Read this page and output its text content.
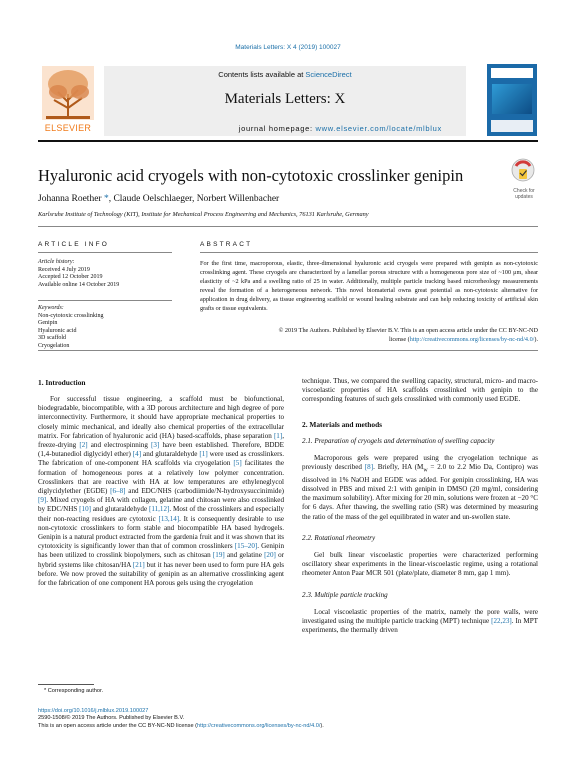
Materials Letters: X 4 (2019) 100027
Contents lists available at ScienceDirect
Materials Letters: X
journal homepage: www.elsevier.com/locate/mlblux
ELSEVIER
Hyaluronic acid cryogels with non-cytotoxic crosslinker genipin
Check for updates
Johanna Roether *, Claude Oelschlaeger, Norbert Willenbacher
Karlsruhe Institute of Technology (KIT), Institute for Mechanical Process Engineering and Mechanics, 76131 Karlsruhe, Germany
ARTICLE INFO
Article history:
Received 4 July 2019
Accepted 12 October 2019
Available online 14 October 2019
Keywords:
Non-cytotoxic crosslinking
Genipin
Hyaluronic acid
3D scaffold
Cryogelation
ABSTRACT
For the first time, macroporous, elastic, three-dimensional hyaluronic acid cryogels were prepared with genipin as non-cytotoxic crosslinking agent. These cryogels are characterized by a lamellar porous structure with a homogeneous pore size of ~100 μm, shear elasticity of ~2 kPa and a swelling ratio of 25 in water. Additionally, multiple particle tracking based microrheology measurements reveal the formation of a heterogeneous network. This novel biomaterial owns great potential as non-cytotoxic alternative for application in drug delivery, as tissue engineering scaffold or wound healing substrate and can help reducing toxicity of artificial skin grafts or tissue equivalents.
© 2019 The Authors. Published by Elsevier B.V. This is an open access article under the CC BY-NC-ND
license (http://creativecommons.org/licenses/by-nc-nd/4.0/).
1. Introduction

For successful tissue engineering, a scaffold must be biofunctional, biodegradable, biocompatible, with a 3D porous architecture and high degree of pore interconnectivity. Furthermore, it should have appropriate mechanical properties to closely mimic mechanical, and ideally also chemical properties of the extracellular matrix. For fabrication of hyaluronic acid (HA) based-scaffolds, phase separation [1], freeze-drying [2] and electrospinning [3] have been established. Therefore, BDDE (1,4-butanediol diglycidyl ether) [4] and glutaraldehyde [1] were used as crosslinkers. The fabrication of one-component HA scaffolds via cryogelation [5] facilitates the formation of homogeneous pores at a relatively low polymer concentration. Crosslinkers that are reactive with HA at low temperatures are ethyleneglycol diglycidylether (EGDE) [6–8] and EDC/NHS (carbodiimide/N-hydroxysuccinimide) [9]. Mixed cryogels of HA with collagen, gelatine and chitosan were also crosslinked by EDC/NHS [10] and glutaraldehyde [11,12]. Most of the crosslinkers and especially their non-reacting residues are cytotoxic [13,14]. It is consequently desirable to use non-cytotoxic crosslinkers to form stable and biocompatible HA based hydrogels. Genipin is a natural product extracted from the gardenia fruit and it was shown that its cytotoxicity is significantly lower than that of common crosslinkers [15–20]. Genipin has been utilized to crosslink biopolymers, such as chitosan [19] and gelatine [20] or hybrid systems like chitosan/HA [21] but it has never been used to form pure HA gels before. We now proved the suitability of genipin as an alternative crosslinking agent for the fabrication of one component HA porous gels using the cryogelation

technique. Thus, we compared the swelling capacity, structural, micro- and macro-viscoelastic properties of HA scaffolds crosslinked with genipin to the corresponding features of such gels crosslinked with commonly used EGDE.
2. Materials and methods
2.1. Preparation of cryogels and determination of swelling capacity

Macroporous gels were prepared using the cryogelation technique as previously described [8]. Briefly, HA ($M_w = 2.0$ to 2.2 Mio Da, Contipro) was dissolved in 1% NaOH and EGDE was added. For genipin crosslinking, HA was dissolved in PBS and mixed 2:1 with genipin in DMSO (20 mg/ml, considering the maximum solubility). After mixing for 20 min, solutions were frozen at −20 °C for 6 days. After thawing, the swelling ratio (SR) was determined by measuring the ratio of the mass of the gel equilibrated in water and un-swollen state.

2.2. Rotational rheometry

Gel bulk linear viscoelastic properties were characterized performing oscillatory shear experiments in the linear-viscoelastic regime, using a rotational rheometer Anton Paar MCR 501 (plate/plate, diameter 8 mm, gap 1 mm).

2.3. Multiple particle tracking

Local viscoelastic properties of the matrix, namely the pore walls, were investigated using the multiple particle tracking (MPT) technique [22,23]. In MPT experiments, the thermally driven

* Corresponding author.
https://doi.org/10.1016/j.mlblux.2019.100027
2590-1508/© 2019 The Authors. Published by Elsevier B.V.
This is an open access article under the CC BY-NC-ND license (http://creativecommons.org/licenses/by-nc-nd/4.0/).
